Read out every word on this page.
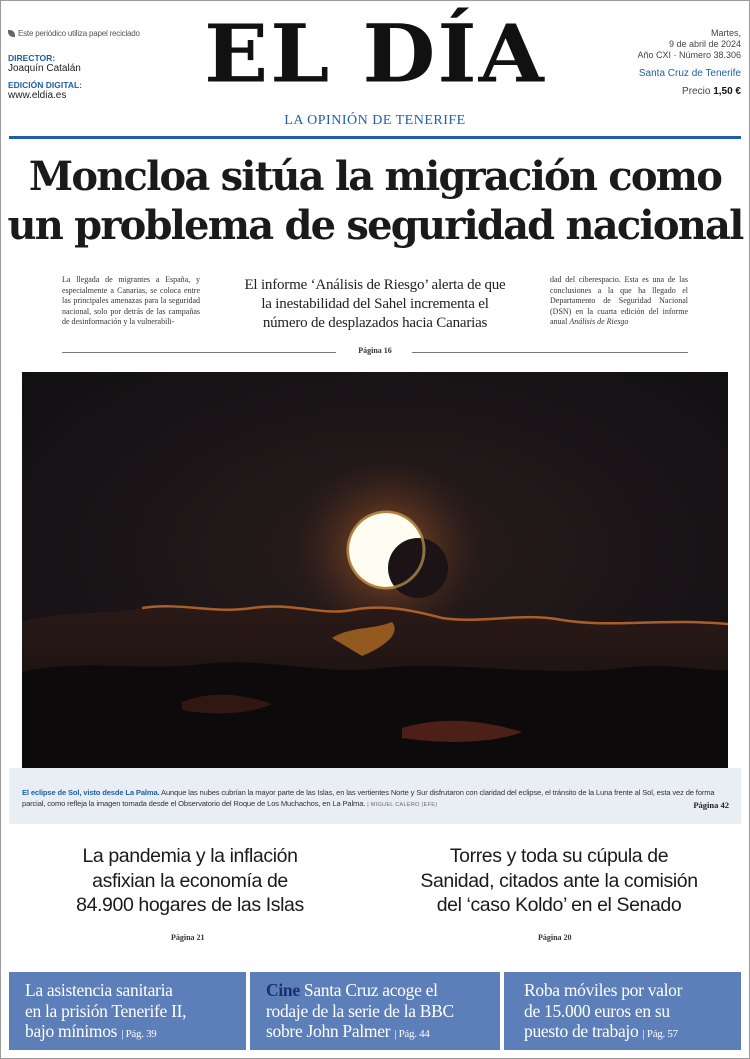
Este periódico utiliza papel reciclado
DIRECTOR:
Joaquín Catalán
EDICIÓN DIGITAL:
www.eldia.es	EL DÍA
LA OPINIÓN DE TENERIFE
Martes,
9 de abril de 2024
Año CXI · Número 38.306
Santa Cruz de Tenerife
Precio 1,50 €
Moncloa sitúa la migración como
un problema de seguridad nacional
La llegada de migrantes a España, y especialmente a Canarias, se coloca entre las principales amenazas para la seguridad nacional, solo por detrás de las campañas de desinformación y la vulnerabili-
El informe ‘Análisis de Riesgo’ alerta de que
la inestabilidad del Sahel incrementa el
número de desplazados hacia Canarias
dad del ciberespacio. Esta es una de las conclusiones a la que ha llegado el Departamento de Seguridad Nacional (DSN) en la cuarta edición del informe anual Análisis de Riesgo
Página 16
El eclipse de Sol, visto desde La Palma. Aunque las nubes cubrían la mayor parte de las Islas, en las vertientes Norte y Sur disfrutaron con claridad del eclipse, el tránsito de la Luna frente al Sol, esta vez de forma parcial, como refleja la imagen tomada desde el Observatorio del Roque de Los Muchachos, en La Palma. | MIGUEL CALERO (EFE)	Página 42
La pandemia y la inflación
asfixian la economía de
84.900 hogares de las Islas
Página 21
Torres y toda su cúpula de
Sanidad, citados ante la comisión
del ‘caso Koldo’ en el Senado
Página 20
La asistencia sanitaria
en la prisión Tenerife II,
bajo mínimos | Pág. 39
Cine Santa Cruz acoge el
rodaje de la serie de la BBC
sobre John Palmer | Pág. 44
Roba móviles por valor
de 15.000 euros en su
puesto de trabajo | Pág. 57
